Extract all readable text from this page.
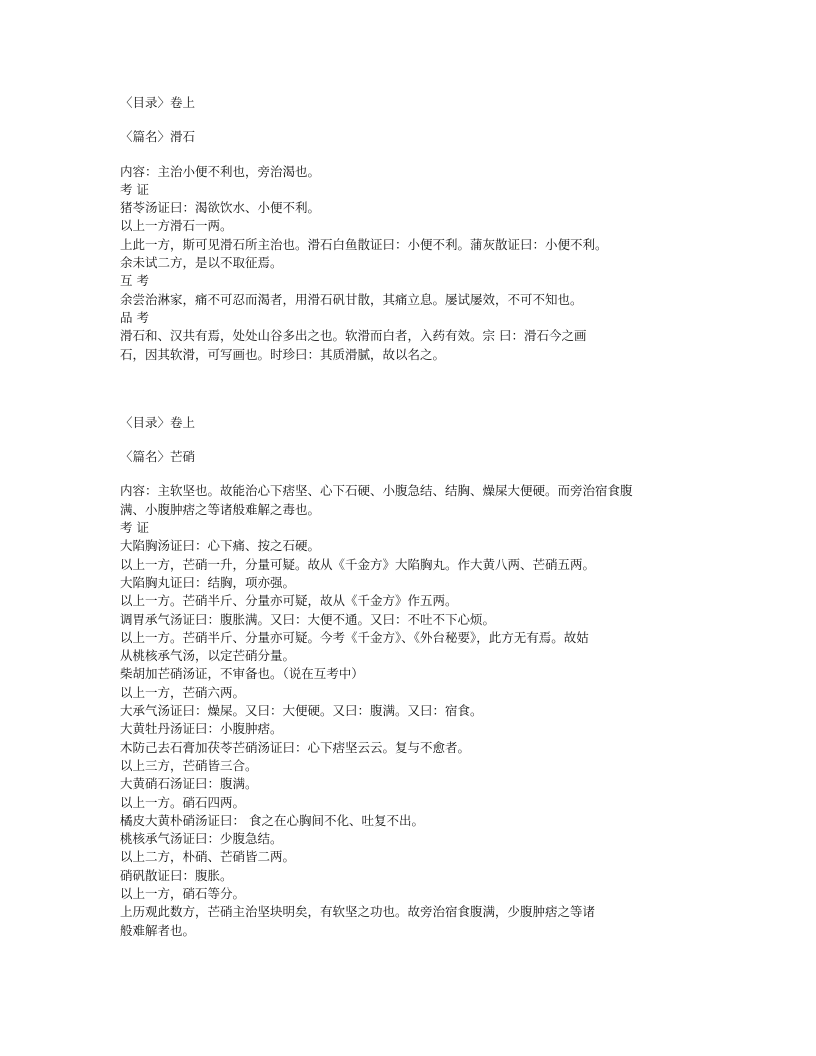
〈目录〉卷上

〈篇名〉滑石

内容：主治小便不利也，旁治渴也。

考 证

猪苓汤证曰：渴欲饮水、小便不利。

以上一方滑石一两。

上此一方，斯可见滑石所主治也。滑石白鱼散证曰：小便不利。蒲灰散证曰：小便不利。

余未试二方，是以不取征焉。

互 考

余尝治淋家，痛不可忍而渴者，用滑石矾甘散，其痛立息。屡试屡效，不可不知也。

品 考

滑石和、汉共有焉，处处山谷多出之也。软滑而白者，入药有效。宗 曰：滑石今之画

石，因其软滑，可写画也。时珍曰：其质滑腻，故以名之。

〈目录〉卷上

〈篇名〉芒硝

内容：主软坚也。故能治心下痞坚、心下石硬、小腹急结、结胸、燥屎大便硬。而旁治宿食腹

满、小腹肿痞之等诸般难解之毒也。

考 证

大陷胸汤证曰：心下痛、按之石硬。

以上一方，芒硝一升，分量可疑。故从《千金方》大陷胸丸。作大黄八两、芒硝五两。

大陷胸丸证曰：结胸，项亦强。

以上一方。芒硝半斤、分量亦可疑，故从《千金方》作五两。

调胃承气汤证曰：腹胀满。又曰：大便不通。又曰：不吐不下心烦。

以上一方。芒硝半斤、分量亦可疑。今考《千金方》、《外台秘要》，此方无有焉。故姑

从桃核承气汤，以定芒硝分量。

柴胡加芒硝汤证，不审备也。（说在互考中）

以上一方，芒硝六两。

大承气汤证曰：燥屎。又曰：大便硬。又曰：腹满。又曰：宿食。

大黄牡丹汤证曰：小腹肿痞。

木防己去石膏加茯苓芒硝汤证曰：心下痞坚云云。复与不愈者。

以上三方，芒硝皆三合。

大黄硝石汤证曰：腹满。

以上一方。硝石四两。

橘皮大黄朴硝汤证曰： 食之在心胸间不化、吐复不出。

桃核承气汤证曰：少腹急结。

以上二方，朴硝、芒硝皆二两。

硝矾散证曰：腹胀。

以上一方，硝石等分。

上历观此数方，芒硝主治坚块明矣，有软坚之功也。故旁治宿食腹满，少腹肿痞之等诸

般难解者也。
